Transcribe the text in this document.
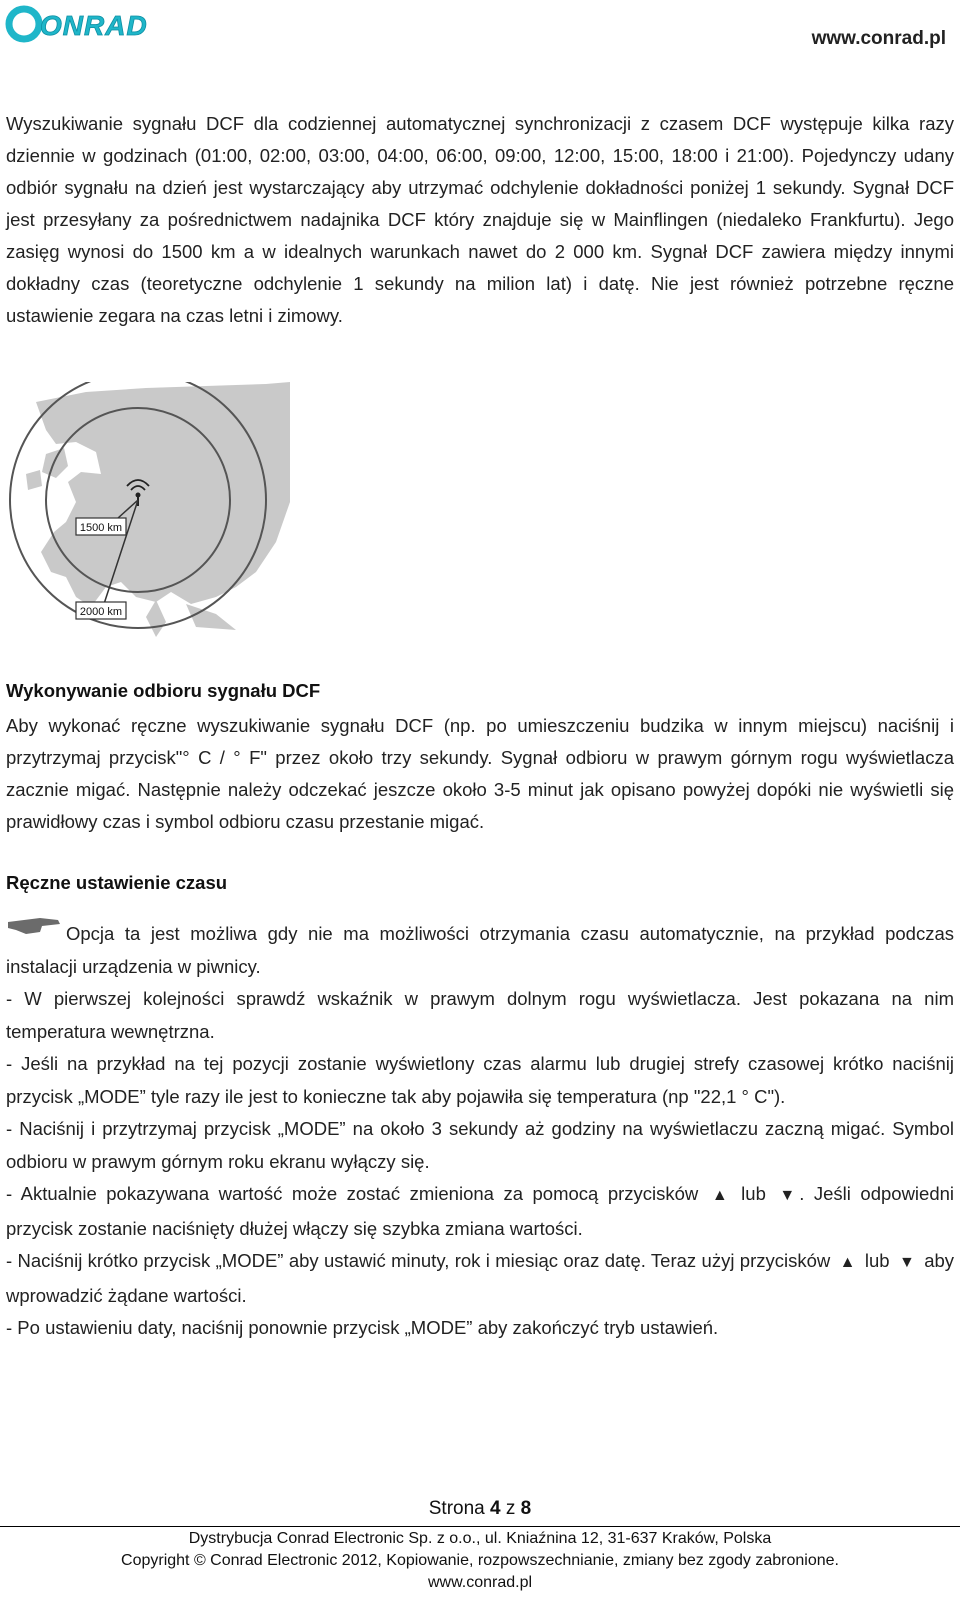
ONRAD	www.conrad.pl

Wyszukiwanie sygnału DCF dla codziennej automatycznej synchronizacji z czasem DCF występuje kilka razy dziennie w godzinach (01:00, 02:00, 03:00, 04:00, 06:00, 09:00, 12:00, 15:00, 18:00 i 21:00). Pojedynczy udany odbiór sygnału na dzień jest wystarczający aby utrzymać odchylenie dokładności poniżej 1 sekundy. Sygnał DCF jest przesyłany za pośrednictwem nadajnika DCF który znajduje się w Mainflingen (niedaleko Frankfurtu). Jego zasięg wynosi do 1500 km a w idealnych warunkach nawet do 2 000 km. Sygnał DCF zawiera między innymi dokładny czas (teoretyczne odchylenie 1 sekundy na milion lat) i datę. Nie jest również potrzebne ręczne ustawienie zegara na czas letni i zimowy.

1500 km
2000 km
Wykonywanie odbioru sygnału DCF

Aby wykonać ręczne wyszukiwanie sygnału DCF (np. po umieszczeniu budzika w innym miejscu) naciśnij i przytrzymaj przycisk"° C / ° F" przez około trzy sekundy. Sygnał odbioru w prawym górnym rogu wyświetlacza zacznie migać. Następnie należy odczekać jeszcze około 3-5 minut jak opisano powyżej dopóki nie wyświetli się prawidłowy czas i symbol odbioru czasu przestanie migać.

Ręczne ustawienie czasu

Opcja ta jest możliwa gdy nie ma możliwości otrzymania czasu automatycznie, na przykład podczas instalacji urządzenia w piwnicy.

- W pierwszej kolejności sprawdź wskaźnik w prawym dolnym rogu wyświetlacza. Jest pokazana na nim temperatura wewnętrzna.

- Jeśli na przykład na tej pozycji zostanie wyświetlony czas alarmu lub drugiej strefy czasowej krótko naciśnij przycisk „MODE” tyle razy ile jest to konieczne tak aby pojawiła się temperatura (np "22,1 ° C").

- Naciśnij i przytrzymaj przycisk „MODE” na około 3 sekundy aż godziny na wyświetlaczu zaczną migać. Symbol odbioru w prawym górnym roku ekranu wyłączy się.

- Aktualnie pokazywana wartość może zostać zmieniona za pomocą przycisków ▲ lub ▼ . Jeśli odpowiedni przycisk zostanie naciśnięty dłużej włączy się szybka zmiana wartości.

- Naciśnij krótko przycisk „MODE” aby ustawić minuty, rok i miesiąc oraz datę. Teraz użyj przycisków ▲ lub ▼ aby wprowadzić żądane wartości.

- Po ustawieniu daty, naciśnij ponownie przycisk „MODE” aby zakończyć tryb ustawień.

Strona 4 z 8
Dystrybucja Conrad Electronic Sp. z o.o., ul. Kniaźnina 12, 31-637 Kraków, Polska
Copyright © Conrad Electronic 2012, Kopiowanie, rozpowszechnianie, zmiany bez zgody zabronione.
www.conrad.pl
